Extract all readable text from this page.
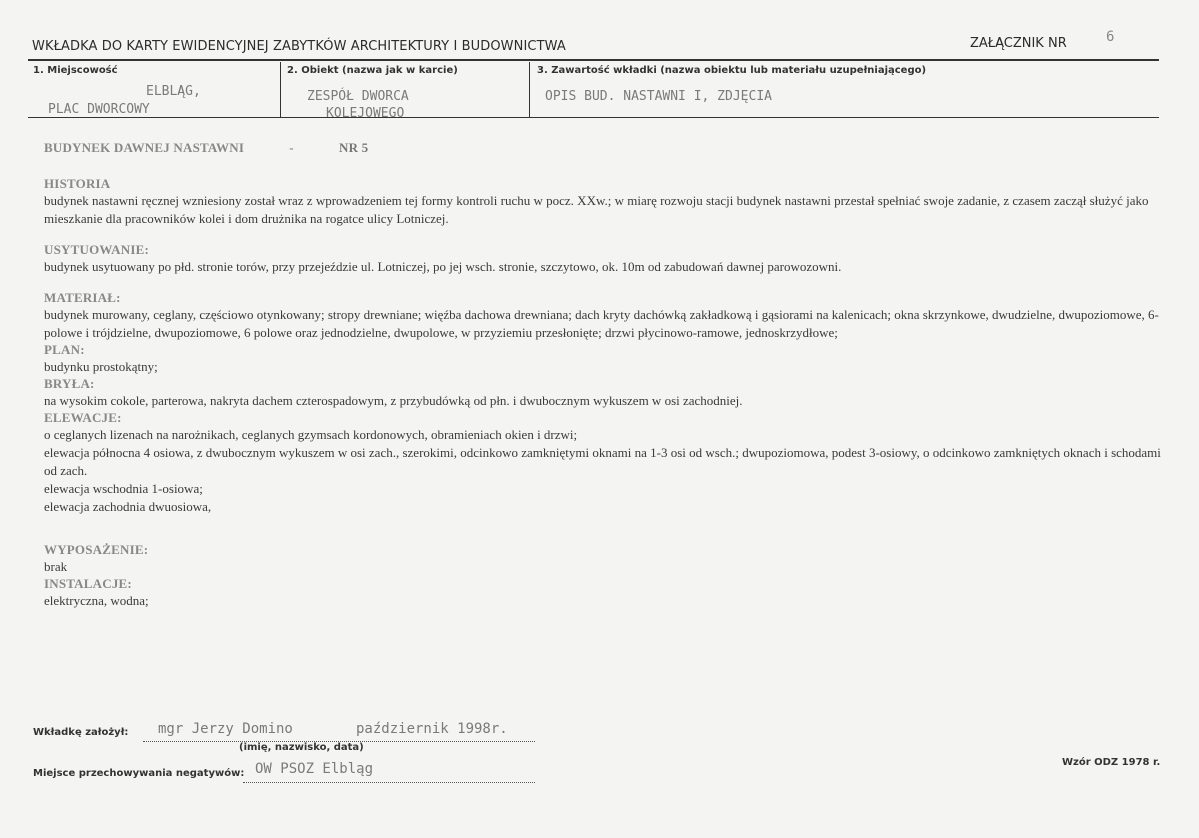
WKŁADKA DO KARTY EWIDENCYJNEJ ZABYTKÓW ARCHITEKTURY I BUDOWNICTWA	ZAŁĄCZNIK NR	6
1. Miejscowość
ELBLĄG,
PLAC DWORCOWY
2. Obiekt (nazwa jak w karcie)
ZESPÓŁ DWORCA
KOLEJOWEGO
3. Zawartość wkładki (nazwa obiektu lub materiału uzupełniającego)
OPIS BUD. NASTAWNI I, ZDJĘCIA
BUDYNEK DAWNEJ NASTAWNI	-	NR 5
HISTORIA
budynek nastawni ręcznej wzniesiony został wraz z wprowadzeniem tej formy kontroli ruchu w pocz. XXw.; w miarę rozwoju stacji budynek nastawni przestał spełniać swoje zadanie, z czasem zaczął służyć jako mieszkanie dla pracowników kolei i dom drużnika na rogatce ulicy Lotniczej.
USYTUOWANIE:
budynek usytuowany po płd. stronie torów, przy przejeździe ul. Lotniczej, po jej wsch. stronie, szczytowo, ok. 10m od zabudowań dawnej parowozowni.
MATERIAŁ:
budynek murowany, ceglany, częściowo otynkowany; stropy drewniane; więźba dachowa drewniana; dach kryty dachówką zakładkową i gąsiorami na kalenicach; okna skrzynkowe, dwudzielne, dwupoziomowe, 6-polowe i trójdzielne, dwupoziomowe, 6 polowe oraz jednodzielne, dwupolowe, w przyziemiu przesłonięte; drzwi płycinowo-ramowe, jednoskrzydłowe;
PLAN:
budynku prostokątny;
BRYŁA:
na wysokim cokole, parterowa, nakryta dachem czterospadowym, z przybudówką od płn. i dwubocznym wykuszem w osi zachodniej.
ELEWACJE:
o ceglanych lizenach na narożnikach, ceglanych gzymsach kordonowych, obramieniach okien i drzwi;
elewacja północna 4 osiowa, z dwubocznym wykuszem w osi zach., szerokimi, odcinkowo zamkniętymi oknami na 1-3 osi od wsch.; dwupoziomowa, podest 3-osiowy, o odcinkowo zamkniętych oknach i schodami od zach.
elewacja wschodnia 1-osiowa;
elewacja zachodnia dwuosiowa,
WYPOSAŻENIE:
brak
INSTALACJE:
elektryczna, wodna;
Wkładkę założył: mgr Jerzy Domino	październik 1998r.
(imię, nazwisko, data)
Miejsce przechowywania negatywów: OW PSOZ Elbląg	Wzór ODZ 1978 r.
